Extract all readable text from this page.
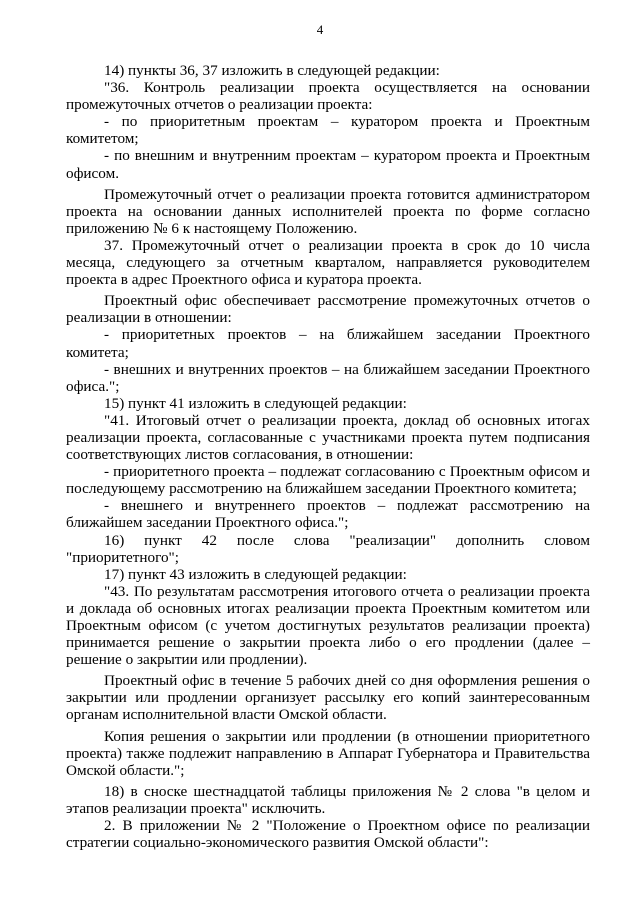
4

14) пункты 36, 37 изложить в следующей редакции:

"36. Контроль реализации проекта осуществляется на основании промежуточных отчетов о реализации проекта:

- по приоритетным проектам – куратором проекта и Проектным комитетом;

- по внешним и внутренним проектам – куратором проекта и Проектным офисом.

Промежуточный отчет о реализации проекта готовится администратором проекта на основании данных исполнителей проекта по форме согласно приложению № 6 к настоящему Положению.

37. Промежуточный отчет о реализации проекта в срок до 10 числа месяца, следующего за отчетным кварталом, направляется руководителем проекта в адрес Проектного офиса и куратора проекта.

Проектный офис обеспечивает рассмотрение промежуточных отчетов о реализации в отношении:

- приоритетных проектов – на ближайшем заседании Проектного комитета;

- внешних и внутренних проектов – на ближайшем заседании Проектного офиса.";

15) пункт 41 изложить в следующей редакции:

"41. Итоговый отчет о реализации проекта, доклад об основных итогах реализации проекта, согласованные с участниками проекта путем подписания соответствующих листов согласования, в отношении:

- приоритетного проекта – подлежат согласованию с Проектным офисом и последующему рассмотрению на ближайшем заседании Проектного комитета;

- внешнего и внутреннего проектов – подлежат рассмотрению на ближайшем заседании Проектного офиса.";

16) пункт 42 после слова "реализации" дополнить словом "приоритетного";

17) пункт 43 изложить в следующей редакции:

"43. По результатам рассмотрения итогового отчета о реализации проекта и доклада об основных итогах реализации проекта Проектным комитетом или Проектным офисом (с учетом достигнутых результатов реализации проекта) принимается решение о закрытии проекта либо о его продлении (далее – решение о закрытии или продлении).

Проектный офис в течение 5 рабочих дней со дня оформления решения о закрытии или продлении организует рассылку его копий заинтересованным органам исполнительной власти Омской области.

Копия решения о закрытии или продлении (в отношении приоритетного проекта) также подлежит направлению в Аппарат Губернатора и Правительства Омской области.";

18) в сноске шестнадцатой таблицы приложения № 2 слова "в целом и этапов реализации проекта" исключить.

2. В приложении № 2 "Положение о Проектном офисе по реализации стратегии социально-экономического развития Омской области":
